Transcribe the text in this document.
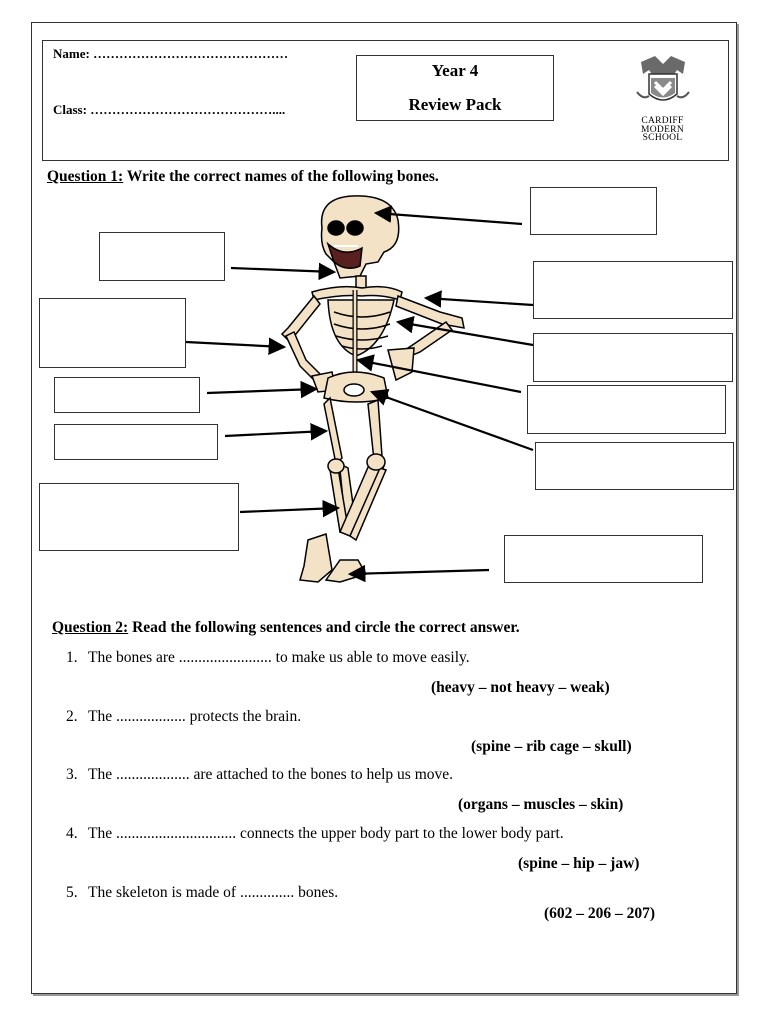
Name: ………………………………………
Class: ……………………………………....
Year 4
Review Pack
CARDIFF
MODERN
SCHOOL
Question 1: Write the correct names of the following bones.
Question 2: Read the following sentences and circle the correct answer.
1. The bones are ........................ to make us able to move easily.
(heavy – not heavy – weak)
2. The .................. protects the brain.
(spine – rib cage – skull)
3. The ................... are attached to the bones to help us move.
(organs – muscles – skin)
4. The ............................... connects the upper body part to the lower body part.
(spine – hip – jaw)
5. The skeleton is made of .............. bones.
(602 – 206 – 207)
